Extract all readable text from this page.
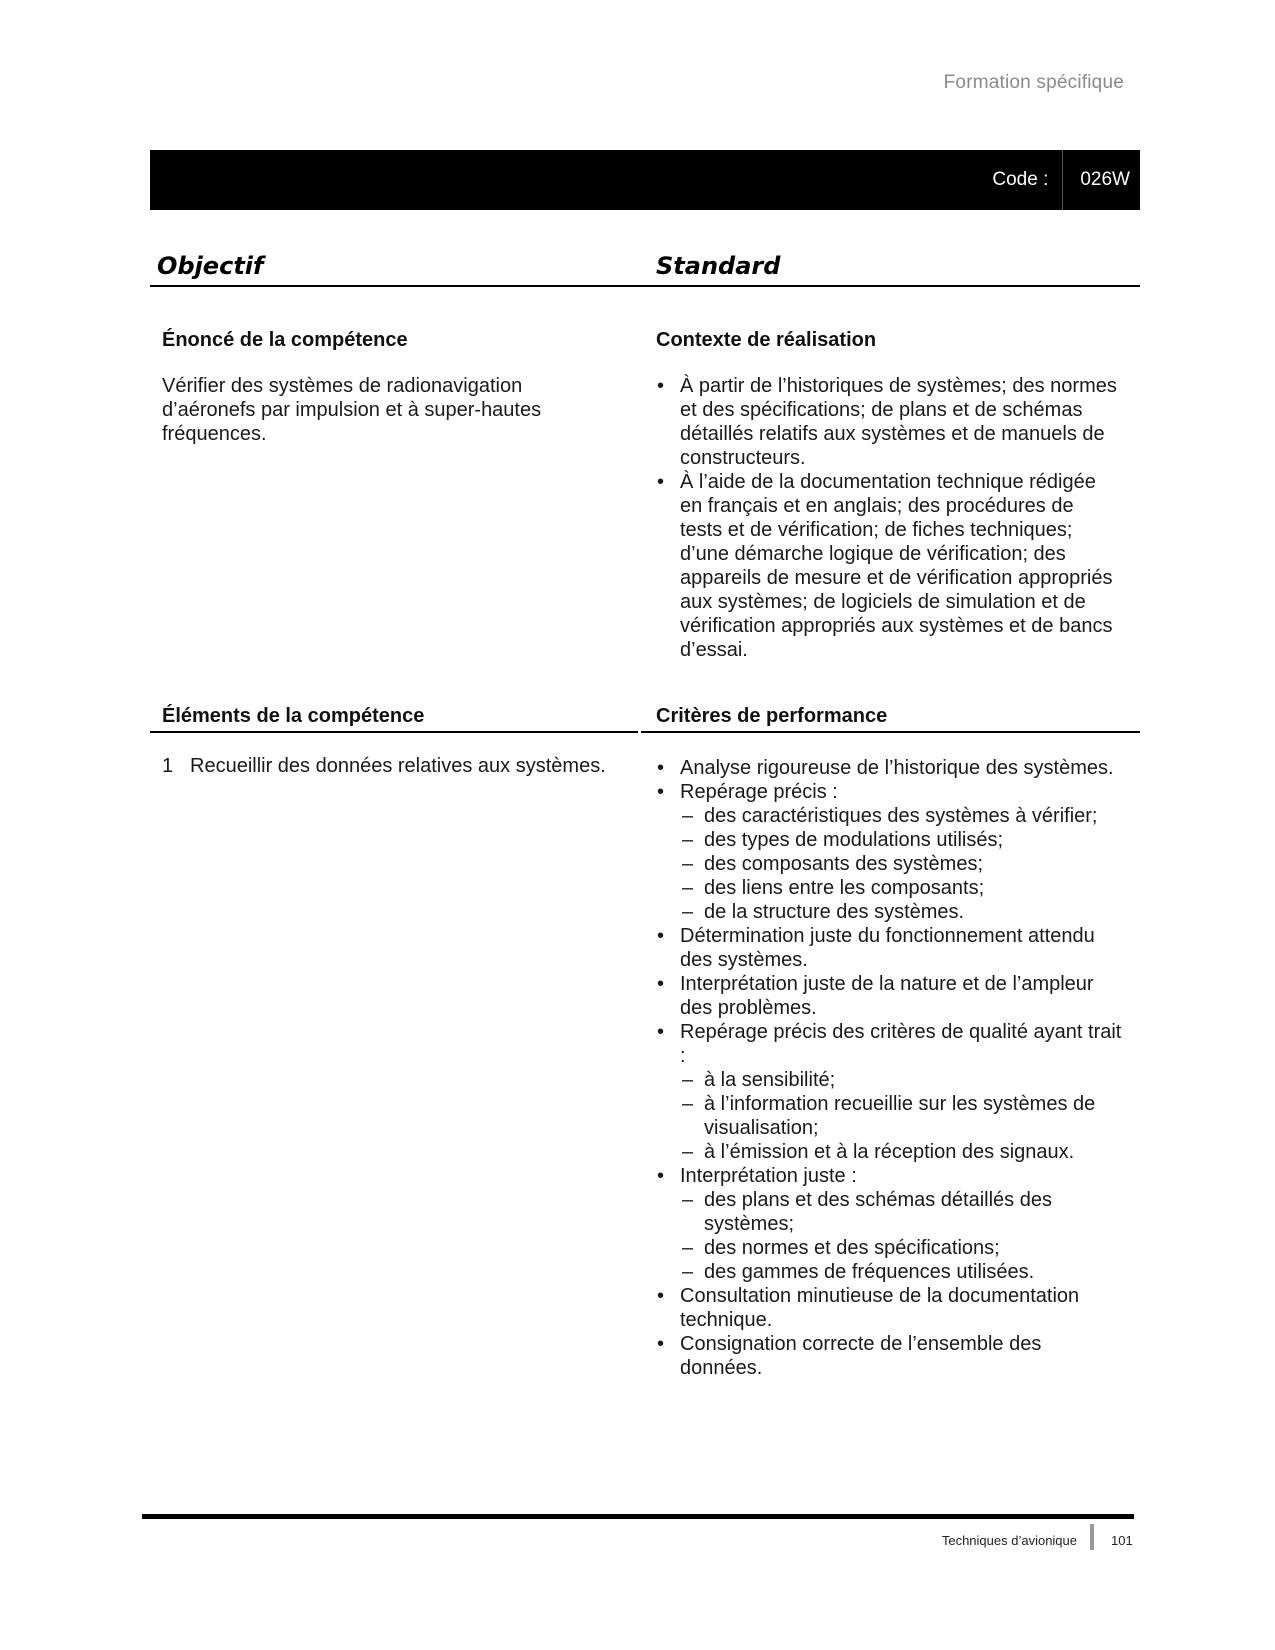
Formation spécifique
Code :	026W
Objectif	Standard
Énoncé de la compétence
Vérifier des systèmes de radionavigation d’aéronefs par impulsion et à super-hautes fréquences.
Contexte de réalisation
• À partir de l’historiques de systèmes; des normes et des spécifications; de plans et de schémas détaillés relatifs aux systèmes et de manuels de constructeurs.
• À l’aide de la documentation technique rédigée en français et en anglais; des procédures de tests et de vérification; de fiches techniques; d’une démarche logique de vérification; des appareils de mesure et de vérification appropriés aux systèmes; de logiciels de simulation et de vérification appropriés aux systèmes et de bancs d’essai.
Éléments de la compétence	Critères de performance
1 Recueillir des données relatives aux systèmes.
•	Analyse rigoureuse de l’historique des systèmes.
• Repérage précis :
– des caractéristiques des systèmes à vérifier;
– des types de modulations utilisés;
– des composants des systèmes;
– des liens entre les composants;
– de la structure des systèmes.
• Détermination juste du fonctionnement attendu des systèmes.
• Interprétation juste de la nature et de l’ampleur des problèmes.
• Repérage précis des critères de qualité ayant trait :
– à la sensibilité;
– à l’information recueillie sur les systèmes de visualisation;
– à l’émission et à la réception des signaux.
• Interprétation juste :
– des plans et des schémas détaillés des systèmes;
– des normes et des spécifications;
– des gammes de fréquences utilisées.
• Consultation minutieuse de la documentation technique.
• Consignation correcte de l’ensemble des données.
Techniques d’avionique	101
